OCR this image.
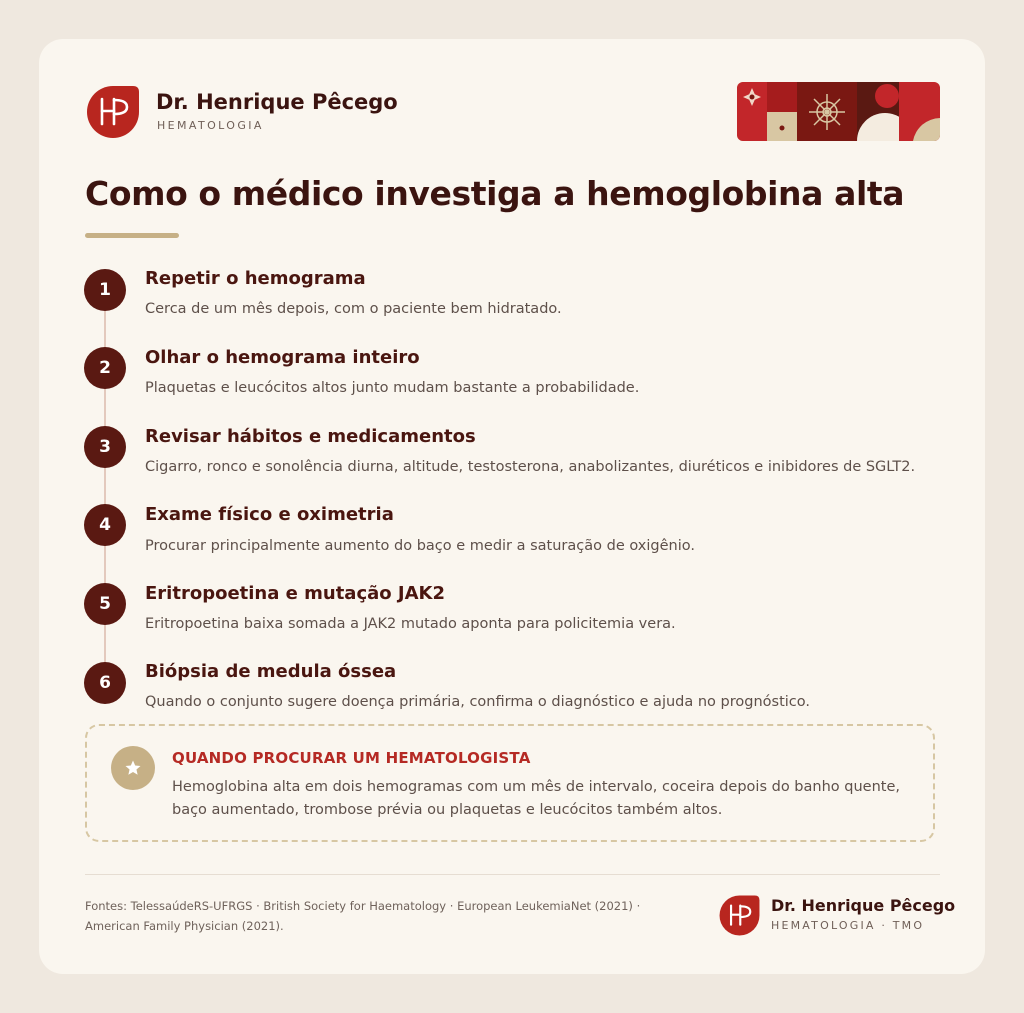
Dr. Henrique Pêcego
HEMATOLOGIA
Como o médico investiga a hemoglobina alta
1
Repetir o hemograma
Cerca de um mês depois, com o paciente bem hidratado.
2	Olhar o hemograma inteiro
Plaquetas e leucócitos altos junto mudam bastante a probabilidade.
3	Revisar hábitos e medicamentos
Cigarro, ronco e sonolência diurna, altitude, testosterona, anabolizantes, diuréticos e inibidores de SGLT2.
4	Exame físico e oximetria
Procurar principalmente aumento do baço e medir a saturação de oxigênio.
5	Eritropoetina e mutação JAK2
Eritropoetina baixa somada a JAK2 mutado aponta para policitemia vera.
6
Biópsia de medula óssea
Quando o conjunto sugere doença primária, confirma o diagnóstico e ajuda no prognóstico.
QUANDO PROCURAR UM HEMATOLOGISTA
Hemoglobina alta em dois hemogramas com um mês de intervalo, coceira depois do banho quente, baço aumentado, trombose prévia ou plaquetas e leucócitos também altos.
Fontes: TelessaúdeRS-UFRGS · British Society for Haematology · European LeukemiaNet (2021) · American Family Physician (2021).
Dr. Henrique Pêcego
HEMATOLOGIA · TMO
